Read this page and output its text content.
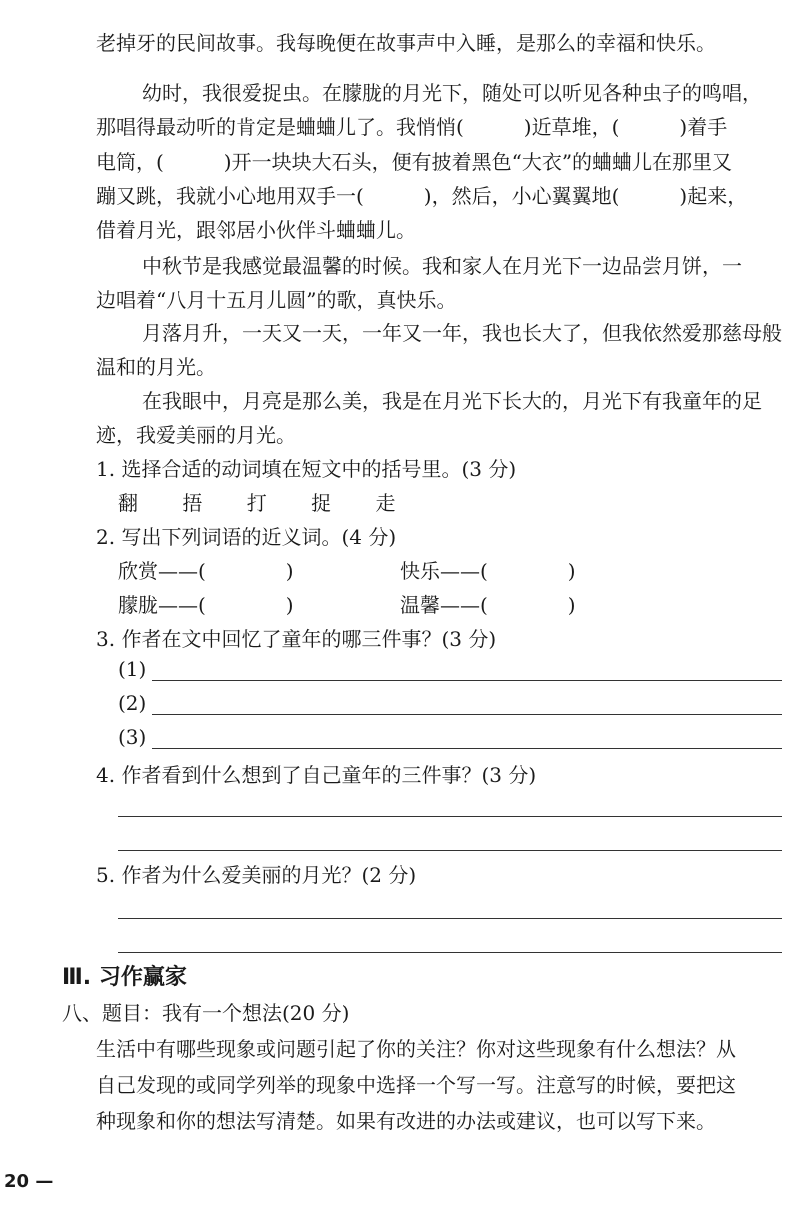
老掉牙的民间故事。我每晚便在故事声中入睡，是那么的幸福和快乐。
幼时，我很爱捉虫。在朦胧的月光下，随处可以听见各种虫子的鸣唱，
那唱得最动听的肯定是蛐蛐儿了。我悄悄(　　　)近草堆，(　　　)着手
电筒，(　　　)开一块块大石头，便有披着黑色“大衣”的蛐蛐儿在那里又
蹦又跳，我就小心地用双手一(　　　)，然后，小心翼翼地(　　　)起来，
借着月光，跟邻居小伙伴斗蛐蛐儿。
中秋节是我感觉最温馨的时候。我和家人在月光下一边品尝月饼，一
边唱着“八月十五月儿圆”的歌，真快乐。
月落月升，一天又一天，一年又一年，我也长大了，但我依然爱那慈母般
温和的月光。
在我眼中，月亮是那么美，我是在月光下长大的，月光下有我童年的足
迹，我爱美丽的月光。
1. 选择合适的动词填在短文中的括号里。(3 分)
翻 捂 打 捉 走
2. 写出下列词语的近义词。(4 分)
欣赏——(　　　　)	快乐——(　　　　)
朦胧——(　　　　)	温馨——(　　　　)
3. 作者在文中回忆了童年的哪三件事？(3 分)
(1)
(2)
(3)
4. 作者看到什么想到了自己童年的三件事？(3 分)
5. 作者为什么爱美丽的月光？(2 分)
Ⅲ. 习作赢家
八、题目：我有一个想法(20 分)
生活中有哪些现象或问题引起了你的关注？你对这些现象有什么想法？从
自己发现的或同学列举的现象中选择一个写一写。注意写的时候，要把这
种现象和你的想法写清楚。如果有改进的办法或建议，也可以写下来。
20 —
